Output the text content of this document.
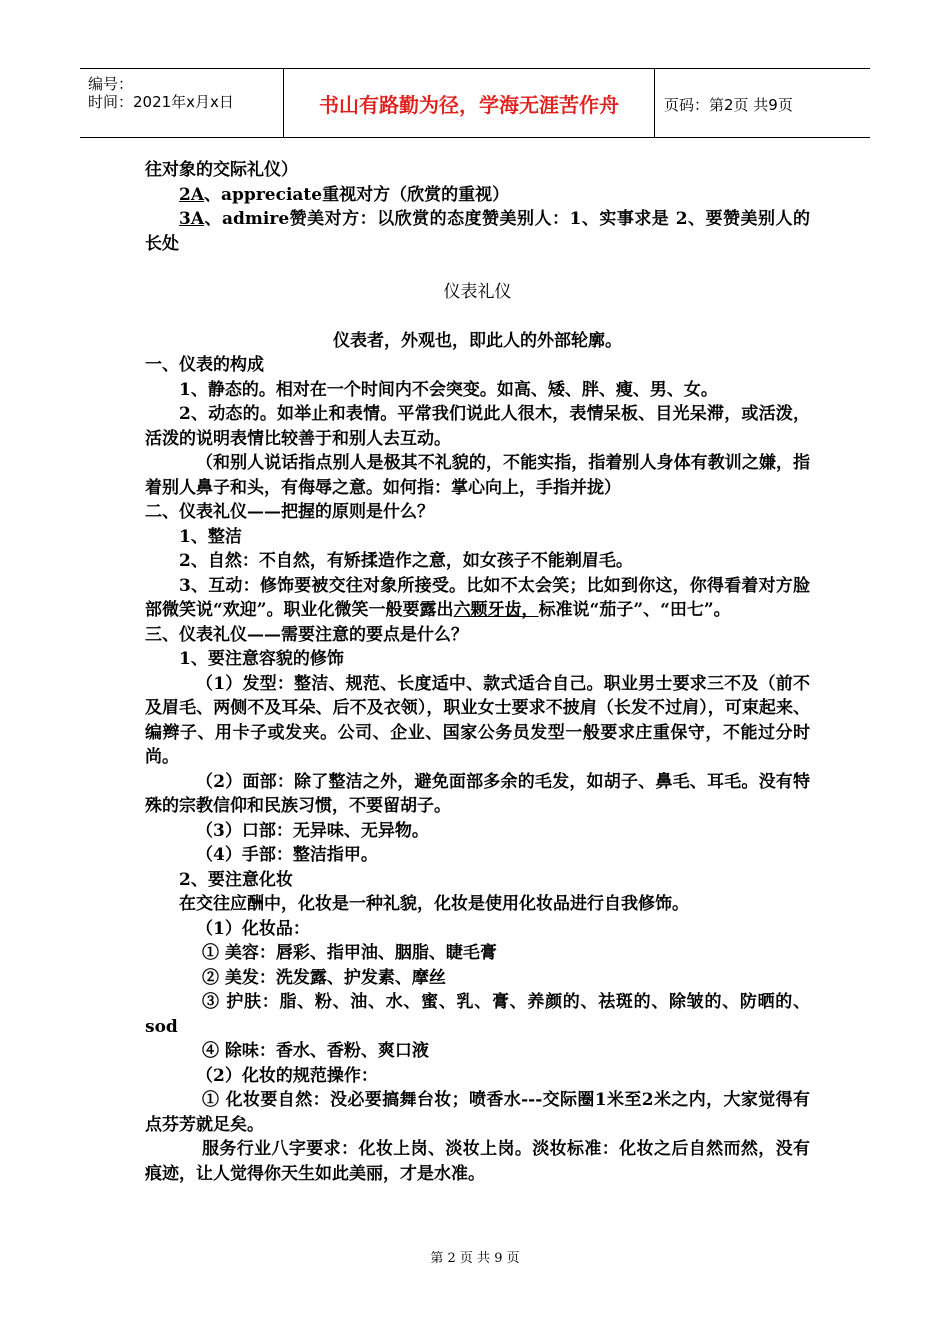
编号：
时间：2021年x月x日	书山有路勤为径，学海无涯苦作舟	页码：第2页 共9页

往对象的交际礼仪）

2A、appreciate重视对方（欣赏的重视）

3A、admire赞美对方：以欣赏的态度赞美别人：1、实事求是 2、要赞美别人的长处

仪表礼仪

仪表者，外观也，即此人的外部轮廓。

一、仪表的构成

1、静态的。相对在一个时间内不会突变。如高、矮、胖、瘦、男、女。

2、动态的。如举止和表情。平常我们说此人很木，表情呆板、目光呆滞，或活泼，活泼的说明表情比较善于和别人去互动。

（和别人说话指点别人是极其不礼貌的，不能实指，指着别人身体有教训之嫌，指着别人鼻子和头，有侮辱之意。如何指：掌心向上，手指并拢）

二、仪表礼仪——把握的原则是什么？

1、整洁

2、自然：不自然，有矫揉造作之意，如女孩子不能剃眉毛。

3、互动：修饰要被交往对象所接受。比如不太会笑；比如到你这，你得看着对方脸部微笑说“欢迎”。职业化微笑一般要露出六颗牙齿，标准说“茄子”、“田七”。

三、仪表礼仪——需要注意的要点是什么？

1、要注意容貌的修饰

（1）发型：整洁、规范、长度适中、款式适合自己。职业男士要求三不及（前不及眉毛、两侧不及耳朵、后不及衣领），职业女士要求不披肩（长发不过肩），可束起来、编辫子、用卡子或发夹。公司、企业、国家公务员发型一般要求庄重保守，不能过分时尚。

（2）面部：除了整洁之外，避免面部多余的毛发，如胡子、鼻毛、耳毛。没有特殊的宗教信仰和民族习惯，不要留胡子。

（3）口部：无异味、无异物。

（4）手部：整洁指甲。

2、要注意化妆

在交往应酬中，化妆是一种礼貌，化妆是使用化妆品进行自我修饰。

（1）化妆品：

① 美容：唇彩、指甲油、胭脂、睫毛膏

② 美发：洗发露、护发素、摩丝

③ 护肤：脂、粉、油、水、蜜、乳、膏、养颜的、祛斑的、除皱的、防晒的、sod

④ 除味：香水、香粉、爽口液

（2）化妆的规范操作：

① 化妆要自然：没必要搞舞台妆；喷香水---交际圈1米至2米之内，大家觉得有点芬芳就足矣。

服务行业八字要求：化妆上岗、淡妆上岗。淡妆标准：化妆之后自然而然，没有痕迹，让人觉得你天生如此美丽，才是水准。

第 2 页 共 9 页
